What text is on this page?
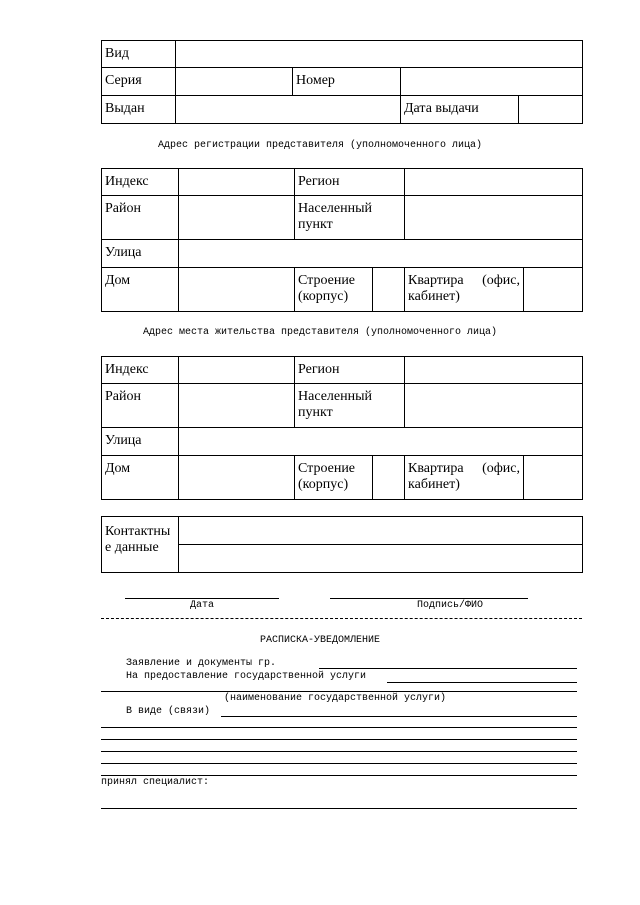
Вид				
Серия		Номер		
Выдан			Дата выдачи	
Адрес регистрации представителя (уполномоченного лица)
Индекс		Регион			
Район		Населенный пункт			
Улица					
Дом		Строение (корпус)		Квартира (офис, кабинет)	
Адрес места жительства представителя (уполномоченного лица)
Индекс		Регион			
Район		Населенный пункт			
Улица					
Дом		Строение (корпус)		Квартира (офис, кабинет)	
Контактные данные	

Дата	Подпись/ФИО
РАСПИСКА-УВЕДОМЛЕНИЕ
Заявление и документы гр.
На предоставление государственной услуги
(наименование государственной услуги)
В виде (связи)
принял специалист:
